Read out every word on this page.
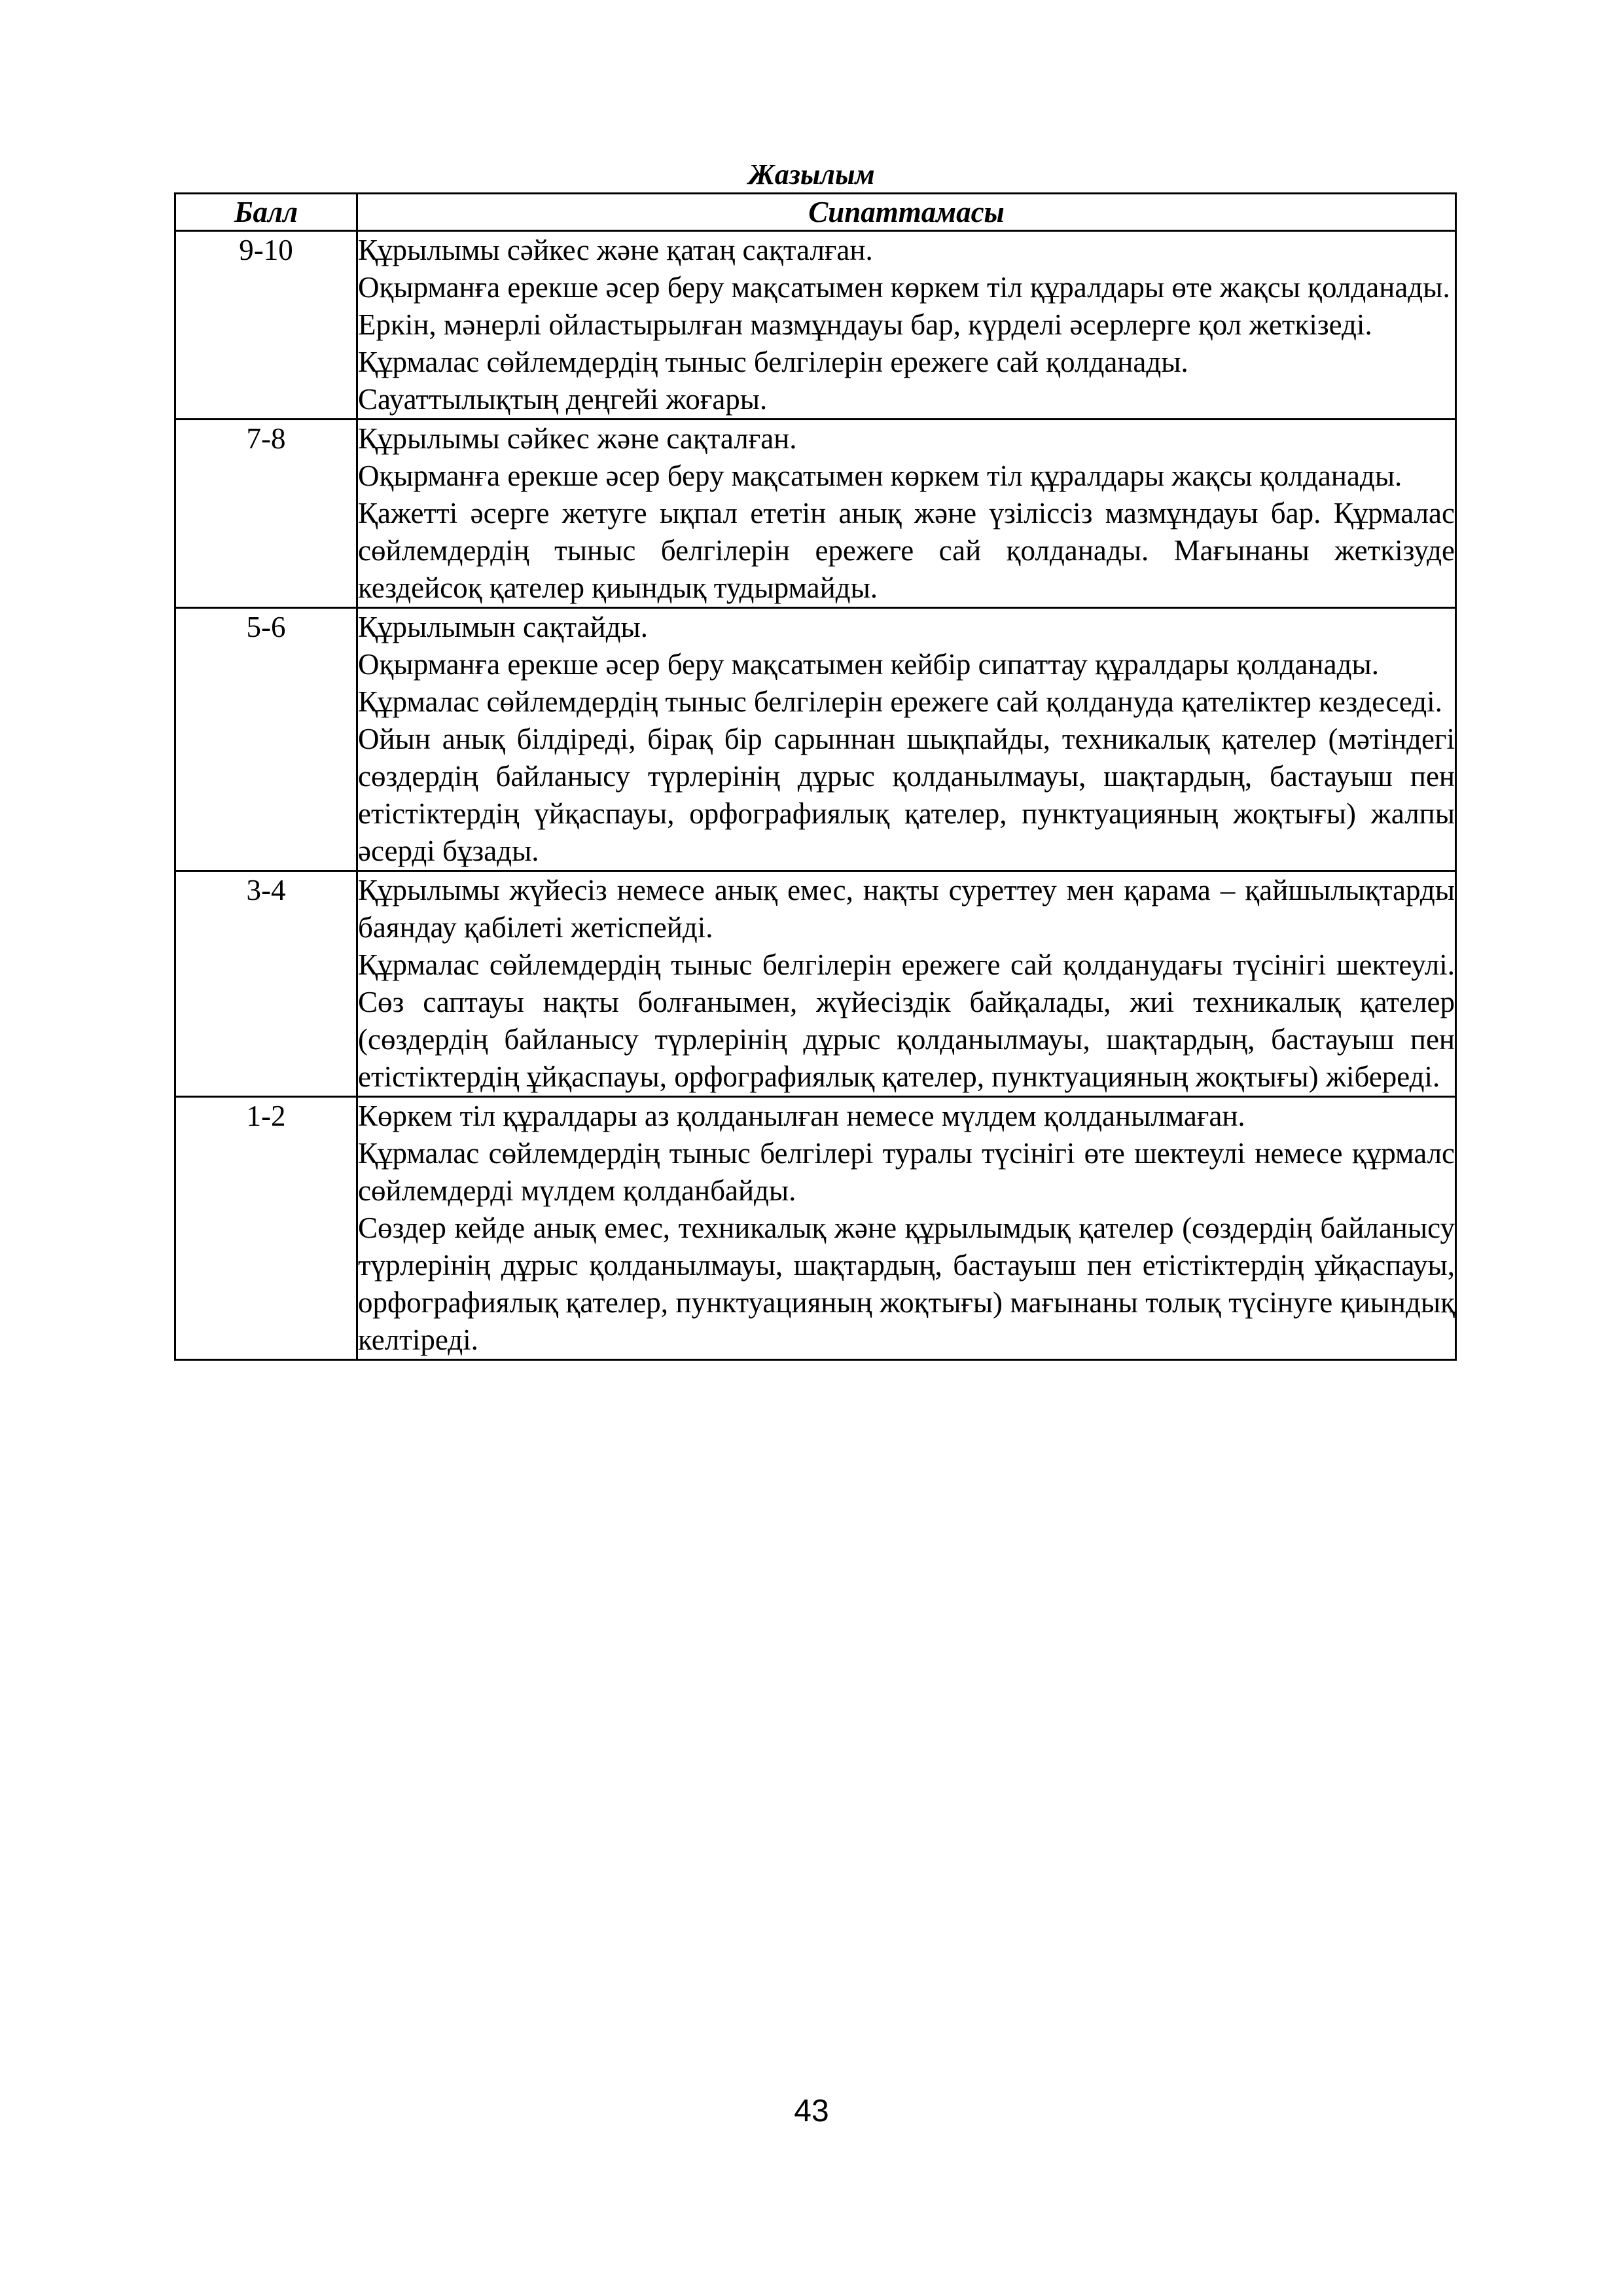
Жазылым
Балл	Сипаттамасы
9-10	Құрылымы сәйкес және қатаң сақталған.

Оқырманға ерекше әсер беру мақсатымен көркем тіл құралдары өте жақсы қолданады.

Еркін, мәнерлі ойластырылған мазмұндауы бар, күрделі әсерлерге қол жеткізеді.

Құрмалас сөйлемдердің тыныс белгілерін ережеге сай қолданады.

Сауаттылықтың деңгейі жоғары.

7-8	Құрылымы сәйкес және сақталған.

Оқырманға ерекше әсер беру мақсатымен көркем тіл құралдары жақсы қолданады.

Қажетті әсерге жетуге ықпал ететін анық және үзіліссіз мазмұндауы бар. Құрмалас сөйлемдердің тыныс белгілерін ережеге сай қолданады. Мағынаны жеткізуде кездейсоқ қателер қиындық тудырмайды.

5-6	Құрылымын сақтайды.

Оқырманға ерекше әсер беру мақсатымен кейбір сипаттау құралдары қолданады.

Құрмалас сөйлемдердің тыныс белгілерін ережеге сай қолдануда қателіктер кездеседі.

Ойын анық білдіреді, бірақ бір сарыннан шықпайды, техникалық қателер (мәтіндегі сөздердің байланысу түрлерінің дұрыс қолданылмауы, шақтардың, бастауыш пен етістіктердің үйқаспауы, орфографиялық қателер, пунктуацияның жоқтығы) жалпы әсерді бұзады.

3-4	Құрылымы жүйесіз немесе анық емес, нақты суреттеу мен қарама – қайшылықтарды баяндау қабілеті жетіспейді.

Құрмалас сөйлемдердің тыныс белгілерін ережеге сай қолданудағы түсінігі шектеулі. Сөз саптауы нақты болғанымен, жүйесіздік байқалады, жиі техникалық қателер (сөздердің байланысу түрлерінің дұрыс қолданылмауы, шақтардың, бастауыш пен етістіктердің ұйқаспауы, орфографиялық қателер, пунктуацияның жоқтығы) жібереді.

1-2	Көркем тіл құралдары аз қолданылған немесе мүлдем қолданылмаған.

Құрмалас сөйлемдердің тыныс белгілері туралы түсінігі өте шектеулі немесе құрмалс сөйлемдерді мүлдем қолданбайды.

Сөздер кейде анық емес, техникалық және құрылымдық қателер (сөздердің байланысу түрлерінің дұрыс қолданылмауы, шақтардың, бастауыш пен етістіктердің ұйқаспауы, орфографиялық қателер, пунктуацияның жоқтығы) мағынаны толық түсінуге қиындық келтіреді.

43
